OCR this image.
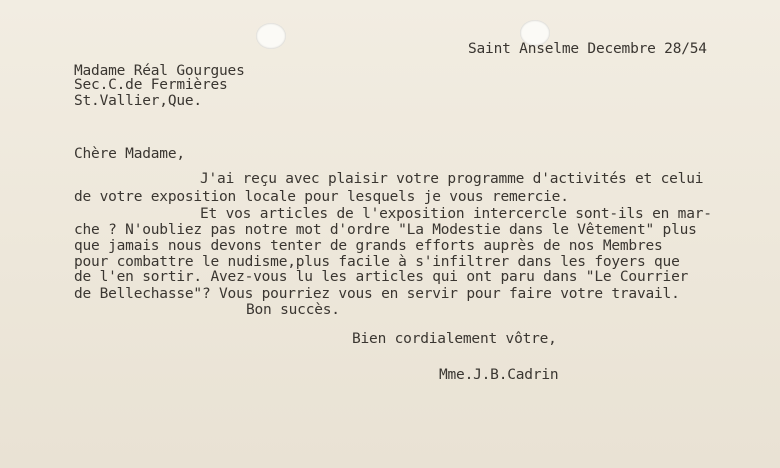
Saint Anselme Decembre 28/54
Madame Réal Gourgues
Sec.C.de Fermières
St.Vallier,Que.
Chère Madame,
J'ai reçu avec plaisir votre programme d'activités et celui
de votre exposition locale pour lesquels je vous remercie.
Et vos articles de l'exposition intercercle sont-ils en mar-
che ? N'oubliez pas notre mot d'ordre "La Modestie dans le Vêtement" plus
que jamais nous devons tenter de grands efforts auprès de nos Membres
pour combattre le nudisme,plus facile à s'infiltrer dans les foyers que
de l'en sortir. Avez-vous lu les articles qui ont paru dans "Le Courrier
de Bellechasse"? Vous pourriez vous en servir pour faire votre travail.
Bon succès.
Bien cordialement vôtre,
Mme.J.B.Cadrin
